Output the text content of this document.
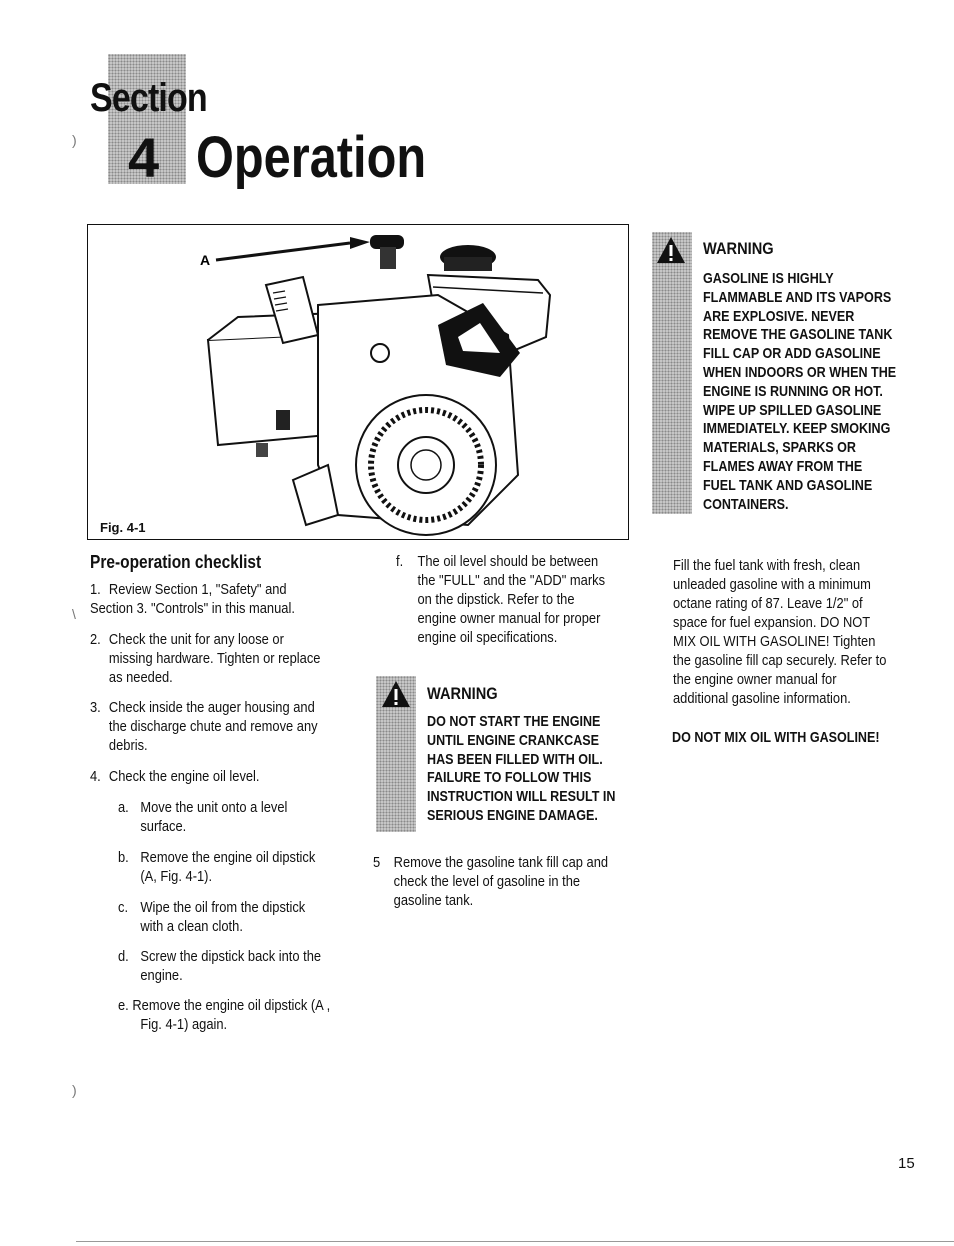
Section
4 Operation
)
\
)
A
Fig. 4-1
WARNING

GASOLINE IS HIGHLY

FLAMMABLE AND ITS VAPORS

ARE EXPLOSIVE. NEVER

REMOVE THE GASOLINE TANK

FILL CAP OR ADD GASOLINE

WHEN INDOORS OR WHEN THE

ENGINE IS RUNNING OR HOT.

WIPE UP SPILLED GASOLINE

IMMEDIATELY. KEEP SMOKING

MATERIALS, SPARKS OR

FLAMES AWAY FROM THE

FUEL TANK AND GASOLINE

CONTAINERS.

Pre-operation checklist
1. Review Section 1, "Safety" and
Section 3. "Controls" in this manual.
2. Check the unit for any loose or
missing hardware. Tighten or replace
as needed.
3. Check inside the auger housing and
the discharge chute and remove any
debris.
4. Check the engine oil level.
a. Move the unit onto a level
surface.
b. Remove the engine oil dipstick
(A, Fig. 4-1).
c. Wipe the oil from the dipstick
with a clean cloth.
d. Screw the dipstick back into the
engine.
e. Remove the engine oil dipstick (A ,
Fig. 4-1) again.
f. The oil level should be between
the "FULL" and the "ADD" marks
on the dipstick. Refer to the
engine owner manual for proper
engine oil specifications.
WARNING

DO NOT START THE ENGINE

UNTIL ENGINE CRANKCASE

HAS BEEN FILLED WITH OIL.

FAILURE TO FOLLOW THIS

INSTRUCTION WILL RESULT IN

SERIOUS ENGINE DAMAGE.

5 Remove the gasoline tank fill cap and
check the level of gasoline in the
gasoline tank.
Fill the fuel tank with fresh, clean
unleaded gasoline with a minimum
octane rating of 87. Leave 1/2" of
space for fuel expansion. DO NOT
MIX OIL WITH GASOLINE! Tighten
the gasoline fill cap securely. Refer to
the engine owner manual for
additional gasoline information.
DO NOT MIX OIL WITH GASOLINE!
15
